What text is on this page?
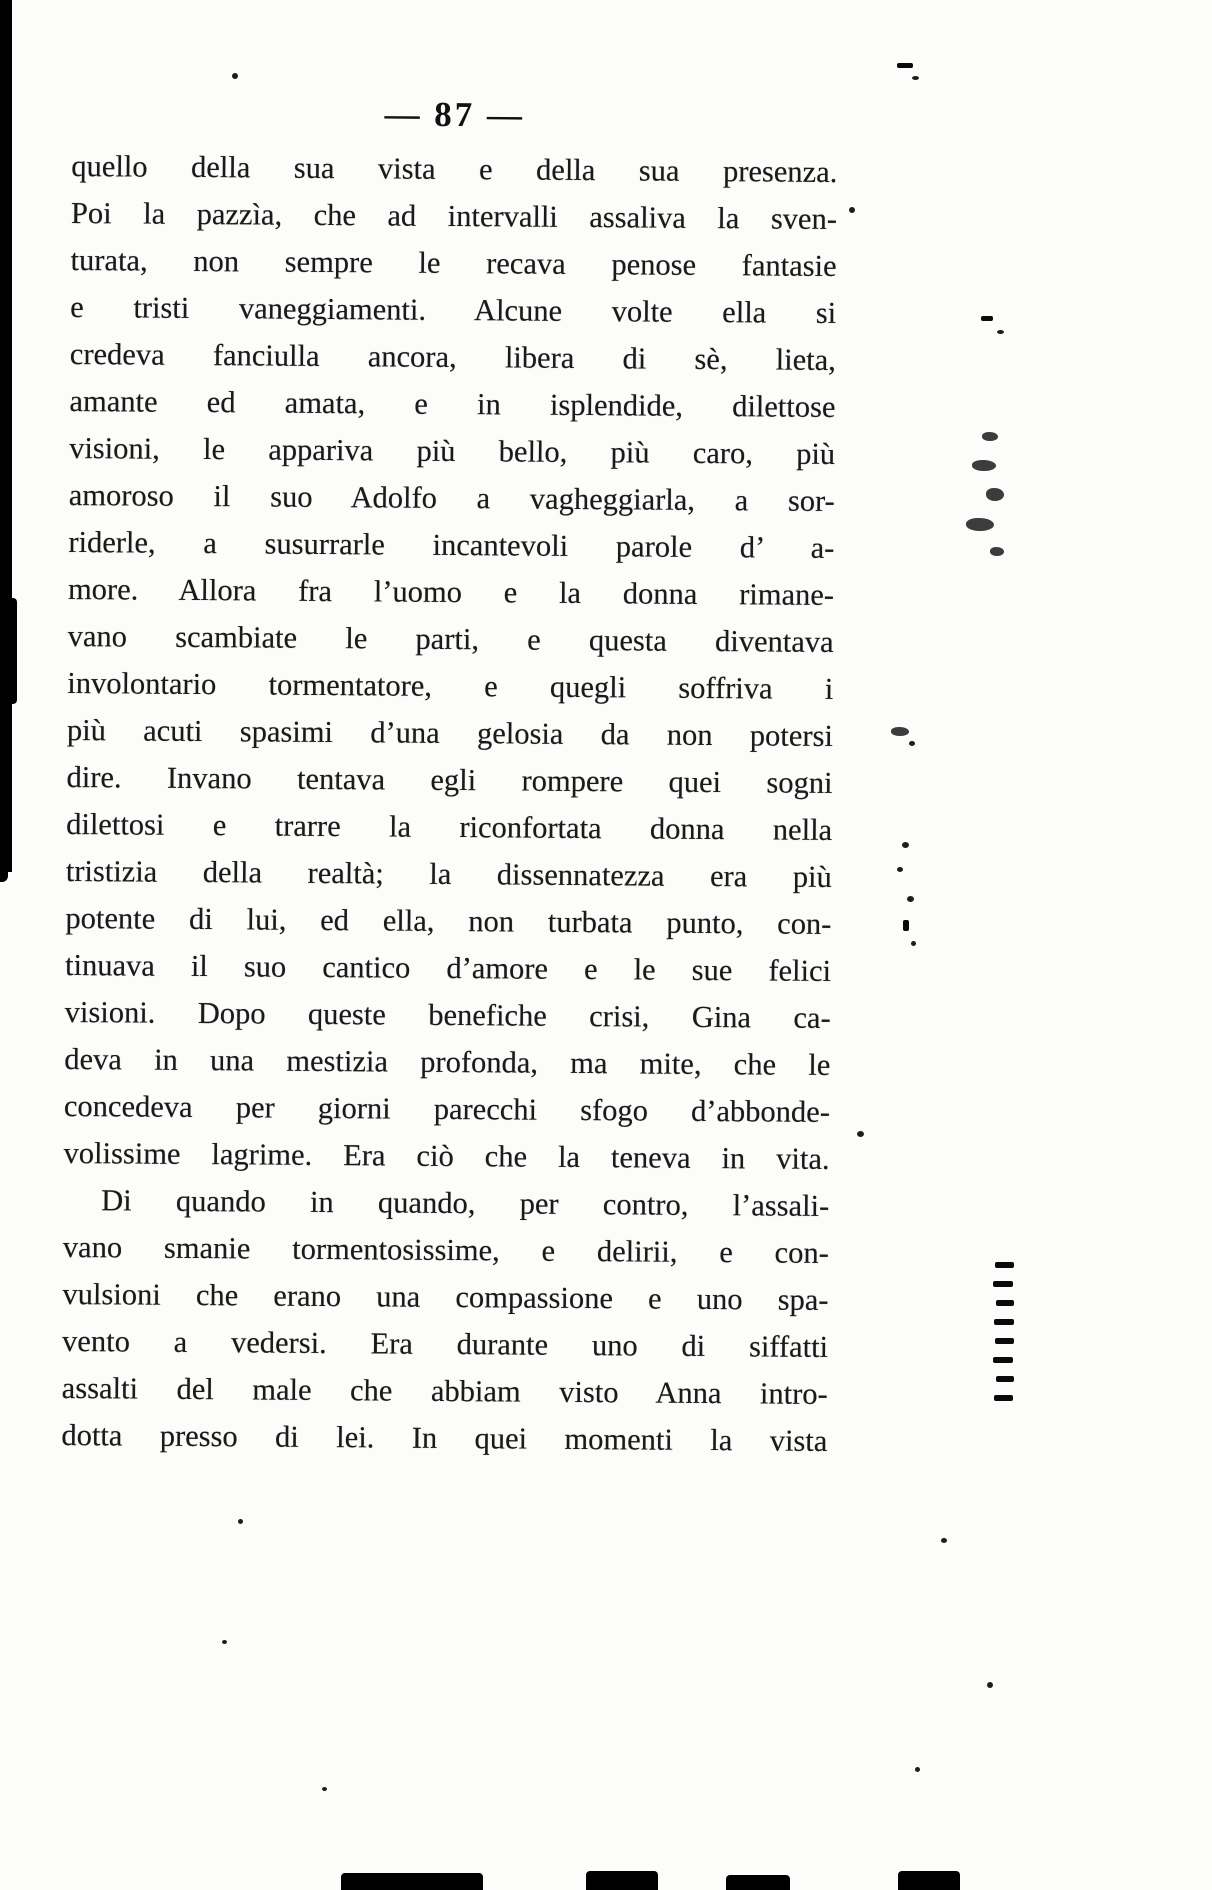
— 87 —
quello della sua vista e della sua presenza.
Poi la pazzìa, che ad intervalli assaliva la sven-
turata, non sempre le recava penose fantasie
e tristi vaneggiamenti. Alcune volte ella si
credeva fanciulla ancora, libera di sè, lieta,
amante ed amata, e in isplendide, dilettose
visioni, le appariva più bello, più caro, più
amoroso il suo Adolfo a vagheggiarla, a sor-
riderle, a susurrarle incantevoli parole d’ a-
more. Allora fra l’uomo e la donna rimane-
vano scambiate le parti, e questa diventava
involontario tormentatore, e quegli soffriva i
più acuti spasimi d’una gelosia da non potersi
dire. Invano tentava egli rompere quei sogni
dilettosi e trarre la riconfortata donna nella
tristizia della realtà; la dissennatezza era più
potente di lui, ed ella, non turbata punto, con-
tinuava il suo cantico d’amore e le sue felici
visioni. Dopo queste benefiche crisi, Gina ca-
deva in una mestizia profonda, ma mite, che le
concedeva per giorni parecchi sfogo d’abbonde-
volissime lagrime. Era ciò che la teneva in vita.
Di quando in quando, per contro, l’assali-
vano smanie tormentosissime, e delirii, e con-
vulsioni che erano una compassione e uno spa-
vento a vedersi. Era durante uno di siffatti
assalti del male che abbiam visto Anna intro-
dotta presso di lei. In quei momenti la vista
